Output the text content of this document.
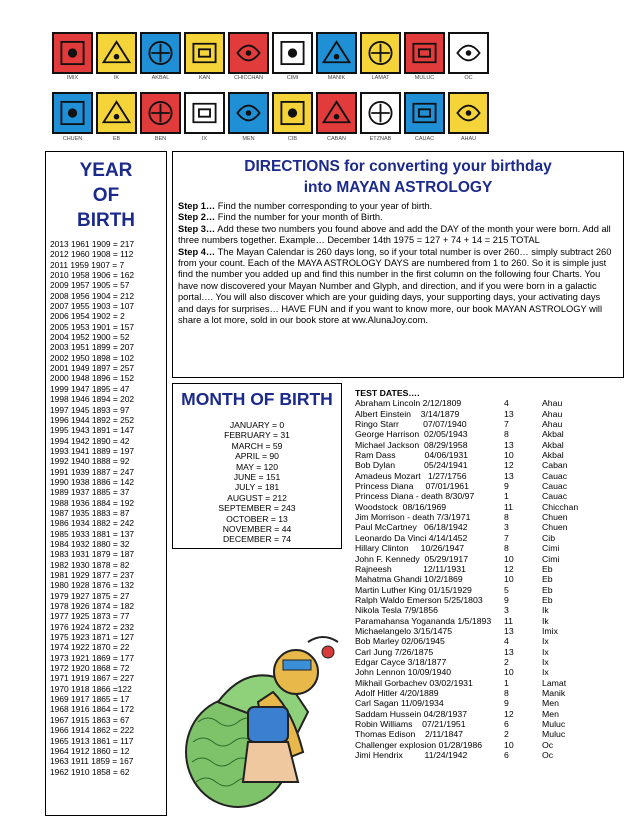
IMIX	IK	AKBAL	KAN	CHICCHAN	CIMI	MANIK	LAMAT	MULUC	OC
CHUEN	EB	BEN	IX	MEN	CIB	CABAN	ETZNAB	CAUAC	AHAU
YEAR OF BIRTH
2013 1961 1909 = 217
2012 1960 1908 = 112
2011 1959 1907 = 7
2010 1958 1906 = 162
2009 1957 1905 = 57
2008 1956 1904 = 212
2007 1955 1903 = 107
2006 1954 1902 = 2
2005 1953 1901 = 157
2004 1952 1900 = 52
2003 1951 1899 = 207
2002 1950 1898 = 102
2001 1949 1897 = 257
2000 1948 1896 = 152
1999 1947 1895 = 47
1998 1946 1894 = 202
1997 1945 1893 = 97
1996 1944 1892 = 252
1995 1943 1891 = 147
1994 1942 1890 = 42
1993 1941 1889 = 197
1992 1940 1888 = 92
1991 1939 1887 = 247
1990 1938 1886 = 142
1989 1937 1885 = 37
1988 1936 1884 = 192
1987 1935 1883 = 87
1986 1934 1882 = 242
1985 1933 1881 = 137
1984 1932 1880 = 32
1983 1931 1879 = 187
1982 1930 1878 = 82
1981 1929 1877 = 237
1980 1928 1876 = 132
1979 1927 1875 = 27
1978 1926 1874 = 182
1977 1925 1873 = 77
1976 1924 1872 = 232
1975 1923 1871 = 127
1974 1922 1870 = 22
1973 1921 1869 = 177
1972 1920 1868 = 72
1971 1919 1867 = 227
1970 1918 1866 =122
1969 1917 1865 = 17
1968 1916 1864 = 172
1967 1915 1863 = 67
1966 1914 1862 = 222
1965 1913 1861 = 117
1964 1912 1860 = 12
1963 1911 1859 = 167
1962 1910 1858 = 62
DIRECTIONS for converting your birthday
into MAYAN ASTROLOGY

Step 1… Find the number corresponding to your year of birth.

Step 2… Find the number for your month of Birth.

Step 3… Add these two numbers you found above and add the DAY of the month your were born. Add all three numbers together. Example… December 14th 1975 = 127 + 74 + 14 = 215 TOTAL

Step 4… The Mayan Calendar is 260 days long, so if your total number is over 260… simply subtract 260 from your count. Each of the MAYA ASTROLOGY DAYS are numbered from 1 to 260. So it is simple just find the number you added up and find this number in the first column on the following four Charts. You have now discovered your Mayan Number and Glyph, and direction, and if you were born in a galactic portal…. You will also discover which are your guiding days, your supporting days, your activating days and days for surprises… HAVE FUN and if you want to know more, our book MAYAN ASTROLOGY will share a lot more, sold in our book store at ww.AlunaJoy.com.

MONTH OF BIRTH
JANUARY = 0
FEBRUARY = 31
MARCH = 59
APRIL = 90
MAY = 120
JUNE = 151
JULY = 181
AUGUST = 212
SEPTEMBER = 243
OCTOBER = 13
NOVEMBER = 44
DECEMBER = 74
TEST DATES….
Abraham Lincoln 2/12/1809	4	Ahau
Albert Einstein    3/14/1879	13	Ahau
Ringo Starr          07/07/1940	7	Ahau
George Harrison  02/05/1943	8	Akbal
Michael Jackson  08/29/1958	13	Akbal
Ram Dass            04/06/1931	10	Akbal
Bob Dylan            05/24/1941	12	Caban
Amadeus Mozart   1/27/1756	13	Cauac
Princess Diana     07/01/1961	9	Cauac
Princess Diana - death 8/30/97	1	Cauac
Woodstock  08/16/1969	11	Chicchan
Jim Morrison - death 7/3/1971	8	Chuen
Paul McCartney   06/18/1942	3	Chuen
Leonardo Da Vinci 4/14/1452	7	Cib
Hillary Clinton     10/26/1947	8	Cimi
John F. Kennedy  05/29/1917	10	Cimi
Rajneesh             12/11/1931	12	Eb
Mahatma Ghandi 10/2/1869	10	Eb
Martin Luther King 01/15/1929	5	Eb
Ralph Waldo Emerson 5/25/1803	9	Eb
Nikola Tesla 7/9/1856	3	Ik
Paramahansa Yogananda 1/5/1893	11	Ik
Michaelangelo 3/15/1475	13	Imix
Bob Marley 02/06/1945	4	Ix
Carl Jung 7/26/1875	13	Ix
Edgar Cayce 3/18/1877	2	Ix
John Lennon 10/09/1940	10	Ix
Mikhail Gorbachev 03/02/1931	1	Lamat
Adolf Hitler 4/20/1889	8	Manik
Carl Sagan 11/09/1934	9	Men
Saddam Hussein 04/28/1937	12	Men
Robin Williams    07/21/1951	6	Muluc
Thomas Edison    2/11/1847	2	Muluc
Challenger explosion 01/28/1986	10	Oc
Jimi Hendrix         11/24/1942	6	Oc
